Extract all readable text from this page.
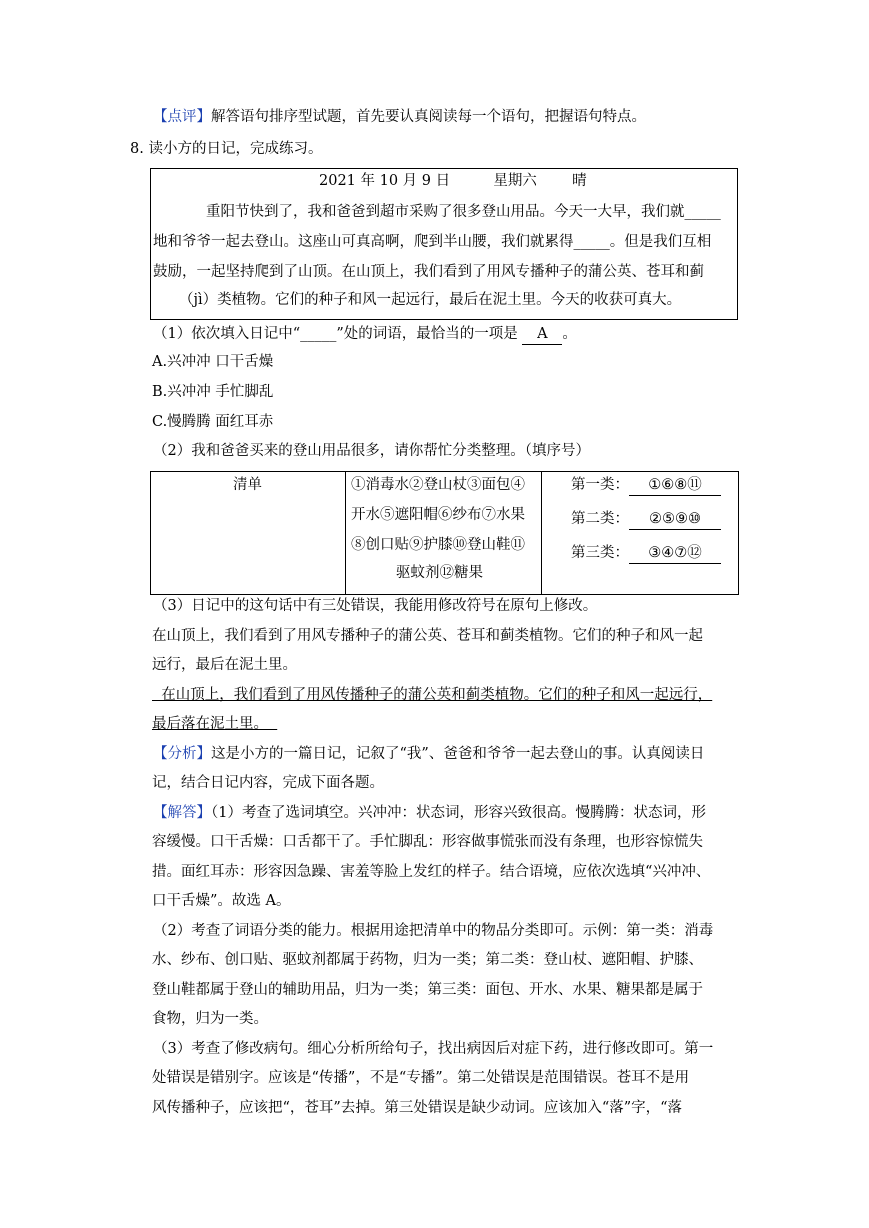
【点评】解答语句排序型试题，首先要认真阅读每一个语句，把握语句特点。
8. 读小方的日记，完成练习。
2021 年 10 月 9 日	星期六 晴
重阳节快到了，我和爸爸到超市采购了很多登山用品。今天一大早，我们就_____
地和爷爷一起去登山。这座山可真高啊，爬到半山腰，我们就累得_____。但是我们互相
鼓励，一起坚持爬到了山顶。在山顶上，我们看到了用风专播种子的蒲公英、苍耳和蓟
（jì）类植物。它们的种子和风一起远行，最后在泥土里。今天的收获可真大。
（1）依次填入日记中“_____”处的词语，最恰当的一项是 A 。
A.兴冲冲 口干舌燥
B.兴冲冲 手忙脚乱
C.慢腾腾 面红耳赤
（2）我和爸爸买来的登山用品很多，请你帮忙分类整理。（填序号）
清单	①消毒水②登山杖③面包④
开水⑤遮阳帽⑥纱布⑦水果
⑧创口贴⑨护膝⑩登山鞋⑪
驱蚊剂⑫糖果
第一类： ①⑥⑧⑪
第二类： ②⑤⑨⑩
第三类： ③④⑦⑫
（3）日记中的这句话中有三处错误，我能用修改符号在原句上修改。
在山顶上，我们看到了用风专播种子的蒲公英、苍耳和蓟类植物。它们的种子和风一起
远行，最后在泥土里。
在山顶上，我们看到了用风传播种子的蒲公英和蓟类植物。它们的种子和风一起远行，
最后落在泥土里。
【分析】这是小方的一篇日记，记叙了“我”、爸爸和爷爷一起去登山的事。认真阅读日
记，结合日记内容，完成下面各题。
【解答】（1）考查了选词填空。兴冲冲：状态词，形容兴致很高。慢腾腾：状态词，形
容缓慢。口干舌燥：口舌都干了。手忙脚乱：形容做事慌张而没有条理，也形容惊慌失
措。面红耳赤：形容因急躁、害羞等脸上发红的样子。结合语境，应依次选填“兴冲冲、
口干舌燥”。故选 A。
（2）考查了词语分类的能力。根据用途把清单中的物品分类即可。示例：第一类：消毒
水、纱布、创口贴、驱蚊剂都属于药物，归为一类；第二类：登山杖、遮阳帽、护膝、
登山鞋都属于登山的辅助用品，归为一类；第三类：面包、开水、水果、糖果都是属于
食物，归为一类。
（3）考查了修改病句。细心分析所给句子，找出病因后对症下药，进行修改即可。第一
处错误是错别字。应该是“传播”，不是“专播”。第二处错误是范围错误。苍耳不是用
风传播种子，应该把“，苍耳”去掉。第三处错误是缺少动词。应该加入“落”字，“落
